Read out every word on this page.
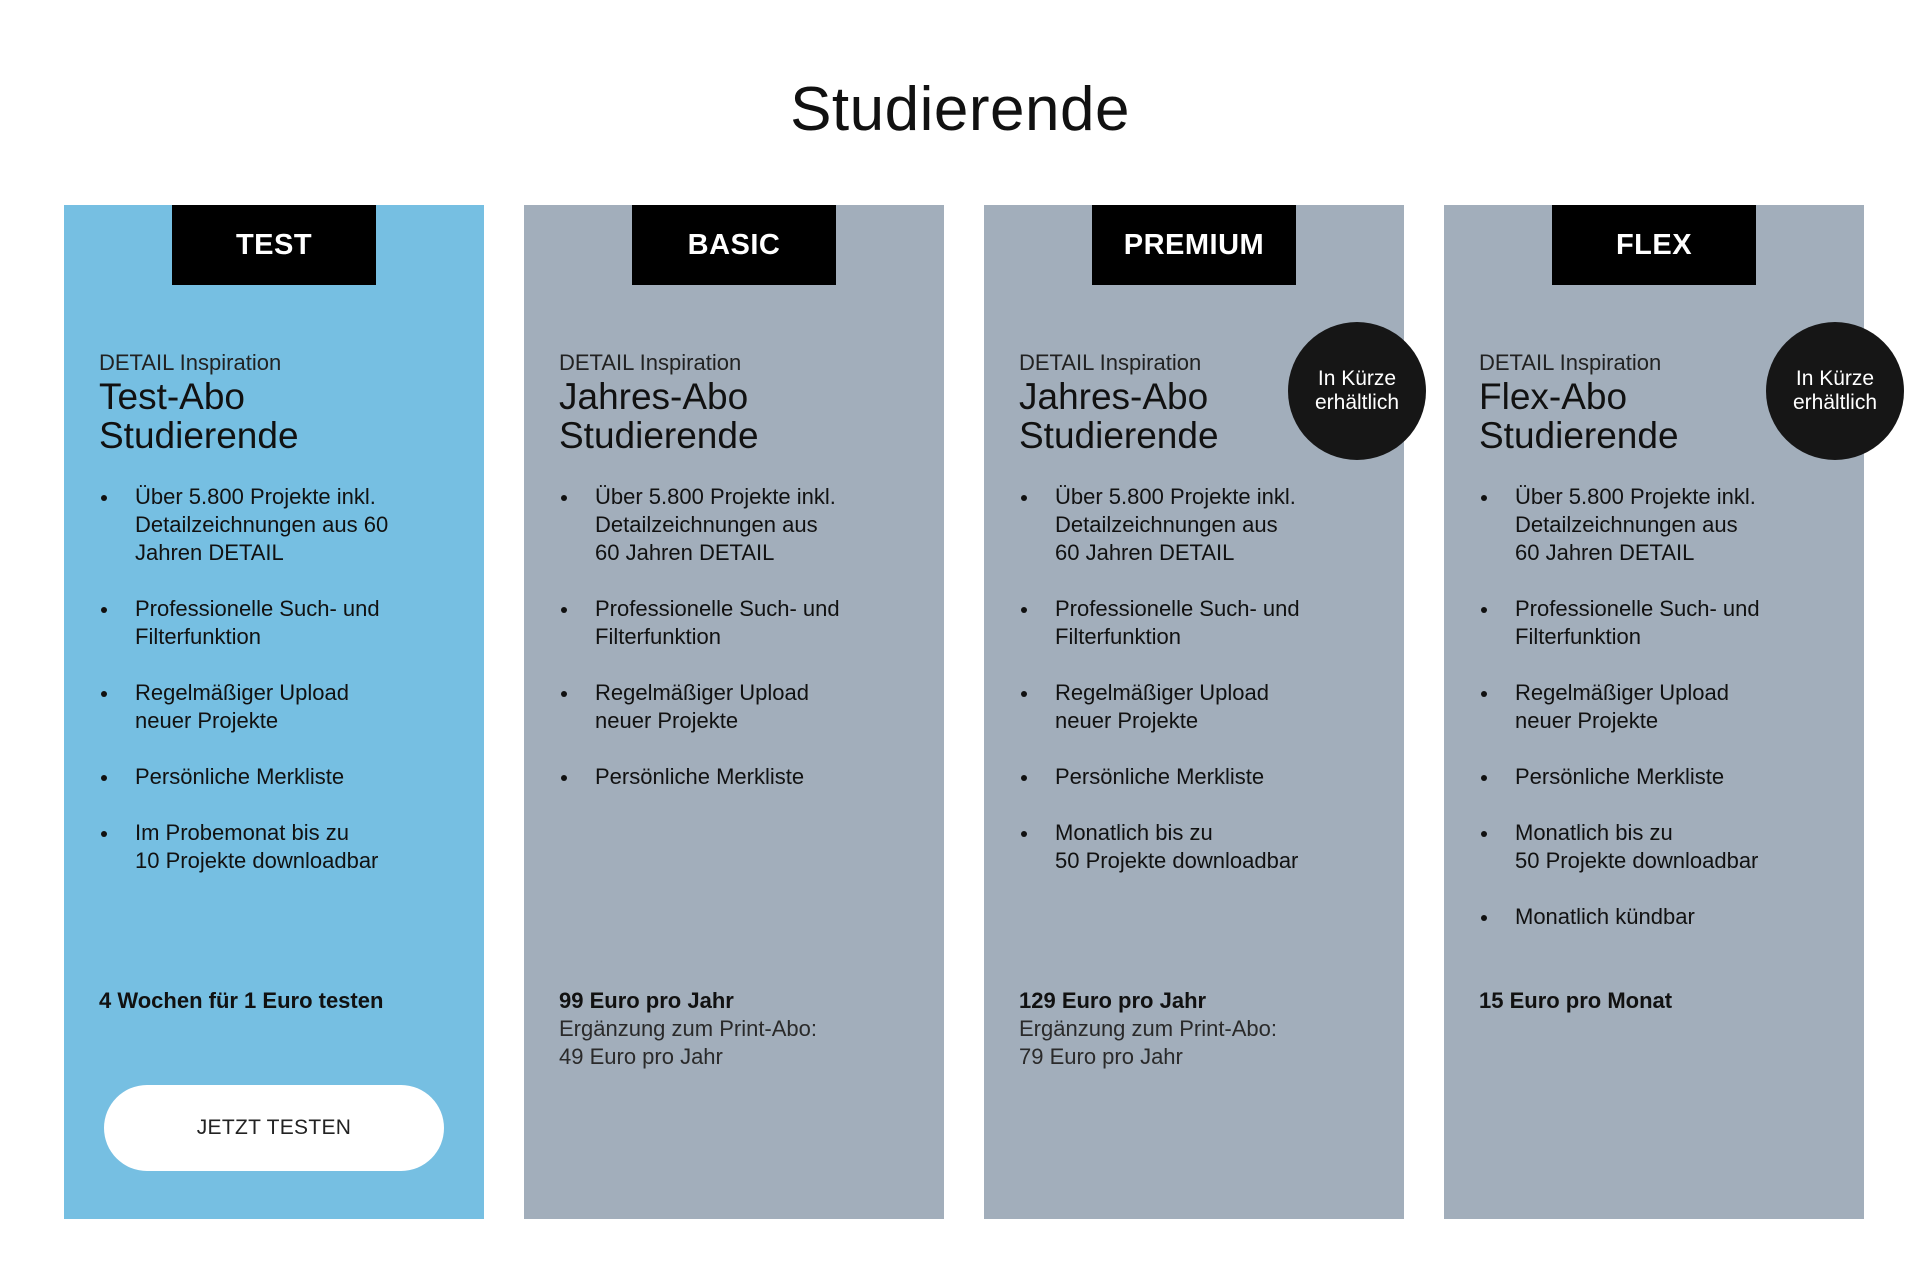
Studierende
TEST
DETAIL Inspiration
Test-Abo
Studierende
Über 5.800 Projekte inkl.
Detailzeichnungen aus 60
Jahren DETAIL
Professionelle Such- und
Filterfunktion
Regelmäßiger Upload
neuer Projekte
Persönliche Merkliste
Im Probemonat bis zu
10 Projekte downloadbar
4 Wochen für 1 Euro testen
JETZT TESTEN
BASIC
DETAIL Inspiration
Jahres-Abo
Studierende
Über 5.800 Projekte inkl.
Detailzeichnungen aus
60 Jahren DETAIL
Professionelle Such- und
Filterfunktion
Regelmäßiger Upload
neuer Projekte
Persönliche Merkliste
99 Euro pro Jahr
Ergänzung zum Print-Abo:
49 Euro pro Jahr
PREMIUM
In Kürze
erhältlich
DETAIL Inspiration
Jahres-Abo
Studierende
Über 5.800 Projekte inkl.
Detailzeichnungen aus
60 Jahren DETAIL
Professionelle Such- und
Filterfunktion
Regelmäßiger Upload
neuer Projekte
Persönliche Merkliste
Monatlich bis zu
50 Projekte downloadbar
129 Euro pro Jahr
Ergänzung zum Print-Abo:
79 Euro pro Jahr
FLEX
In Kürze
erhältlich
DETAIL Inspiration
Flex-Abo
Studierende
Über 5.800 Projekte inkl.
Detailzeichnungen aus
60 Jahren DETAIL
Professionelle Such- und
Filterfunktion
Regelmäßiger Upload
neuer Projekte
Persönliche Merkliste
Monatlich bis zu
50 Projekte downloadbar
Monatlich kündbar
15 Euro pro Monat
